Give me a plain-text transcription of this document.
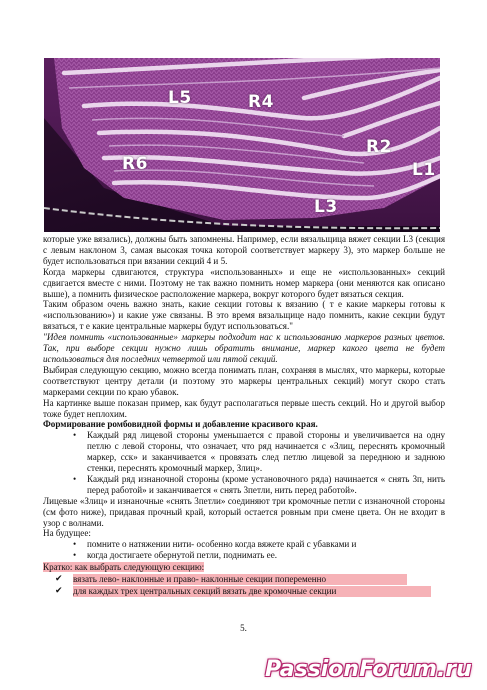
L5	R4
R2
L1
R6
L3
которые уже вязались), должны быть запомнены. Например, если вязальщица вяжет секции L3 (секция с левым наклоном 3, самая высокая точка которой соответствует маркеру 3), это маркер больше не будет использоваться при вязании секций 4 и 5.
Когда маркеры сдвигаются, структура «использованных» и еще не «использованных» секций сдвигается вместе с ними. Поэтому не так важно помнить номер маркера (они меняются как описано выше), а помнить физическое расположение маркера, вокруг которого будет вязаться секция.
Таким образом очень важно знать, какие секции готовы к вязанию ( т е какие маркеры готовы к «использованию») и какие уже связаны. В это время вязальщице надо помнить, какие секции будут вязаться, т е какие центральные маркеры будут использоваться."
"Идея помнить «использованные» маркеры подходит нас к использованию маркеров разных цветов. Так, при выборе секции нужно лишь обратить внимание, маркер какого цвета не будет использоваться для последних четвертой или пятой секций.
Выбирая следующую секцию, можно всегда понимать план, сохраняя в мыслях, что маркеры, которые соответствуют центру детали (и поэтому это маркеры центральных секций) могут скоро стать маркерами секции по краю убавок.
На картинке выше показан пример, как будут располагаться первые шесть секций. Но и другой выбор тоже будет неплохим.
Формирование ромбовидной формы и добавление красивого края.
• Каждый ряд лицевой стороны уменьшается с правой стороны и увеличивается на одну петлю с левой стороны, что означает, что ряд начинается с «Злиц, переснять кромочный маркер, сск» и заканчивается « провязать след петлю лицевой за переднюю и заднюю стенки, переснять кромочный маркер, Злиц».
• Каждый ряд изнаночной стороны (кроме установочного ряда) начинается « снять 3п, нить перед работой» и заканчивается « снять 3петли, нить перед работой».
Лицевые «Злиц» и изнаночные «снять 3петли» соединяют три кромочные петли с изнаночной стороны (см фото ниже), придавая прочный край, который остается ровным при смене цвета. Он не входит в узор с волнами.
На будущее:
• помните о натяжении нити- особенно когда вяжете край с убавками и
• когда достигаете обернутой петли, поднимать ее.
Кратко: как выбрать следующую секцию:
✔ вязать лево- наклонные и право- наклонные секции попеременно
✔ для каждых трех центральных секций вязать две кромочные секции
5.
PassionForum.ru
